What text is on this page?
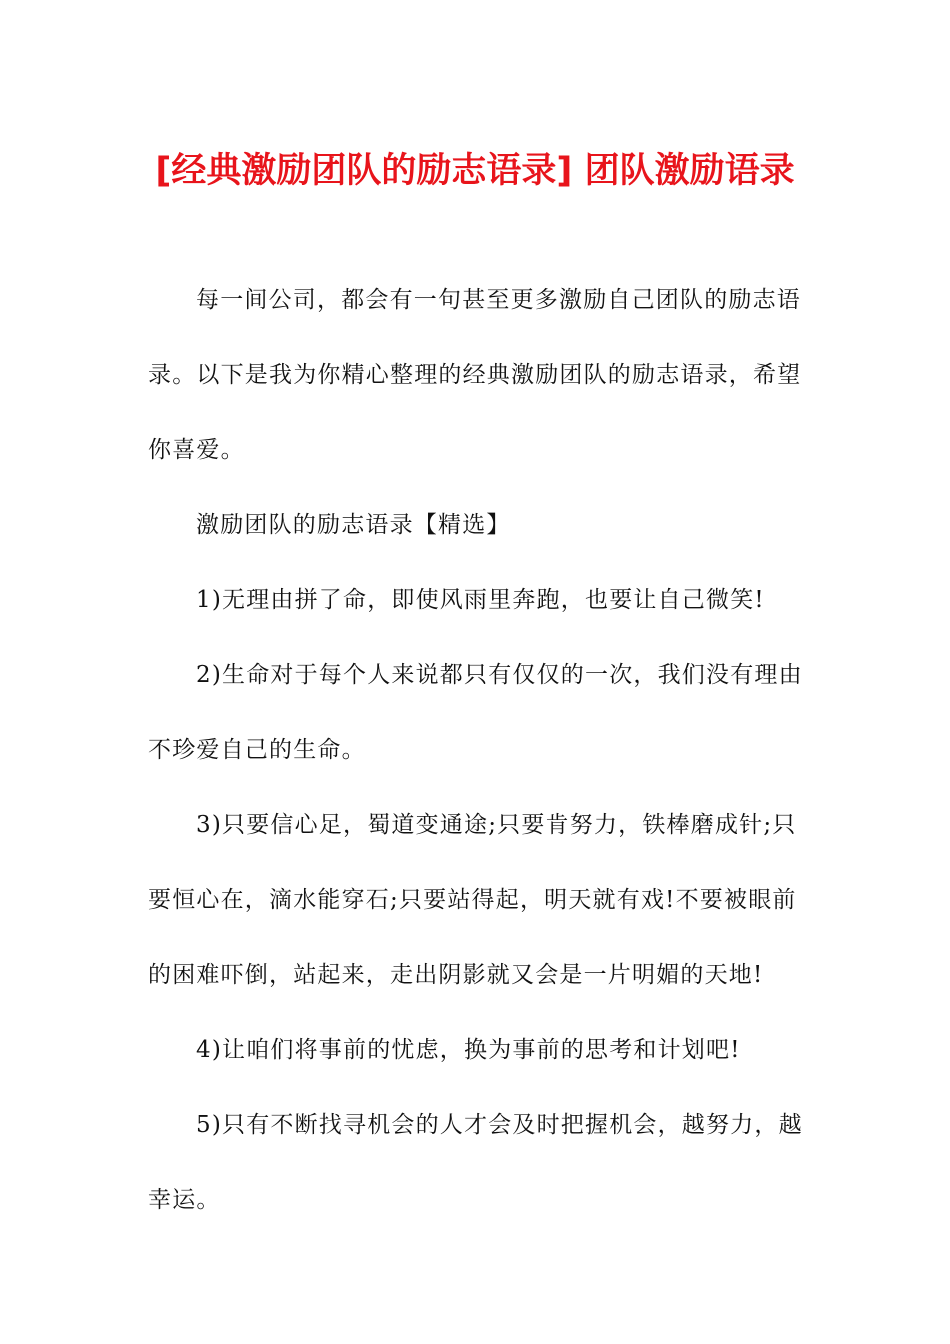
[经典激励团队的励志语录] 团队激励语录
每一间公司，都会有一句甚至更多激励自己团队的励志语
录。以下是我为你精心整理的经典激励团队的励志语录，希望
你喜爱。
激励团队的励志语录【精选】
1)无理由拼了命，即使风雨里奔跑，也要让自己微笑!
2)生命对于每个人来说都只有仅仅的一次，我们没有理由
不珍爱自己的生命。
3)只要信心足，蜀道变通途;只要肯努力，铁棒磨成针;只
要恒心在，滴水能穿石;只要站得起，明天就有戏!不要被眼前
的困难吓倒，站起来，走出阴影就又会是一片明媚的天地!
4)让咱们将事前的忧虑，换为事前的思考和计划吧!
5)只有不断找寻机会的人才会及时把握机会，越努力，越
幸运。
